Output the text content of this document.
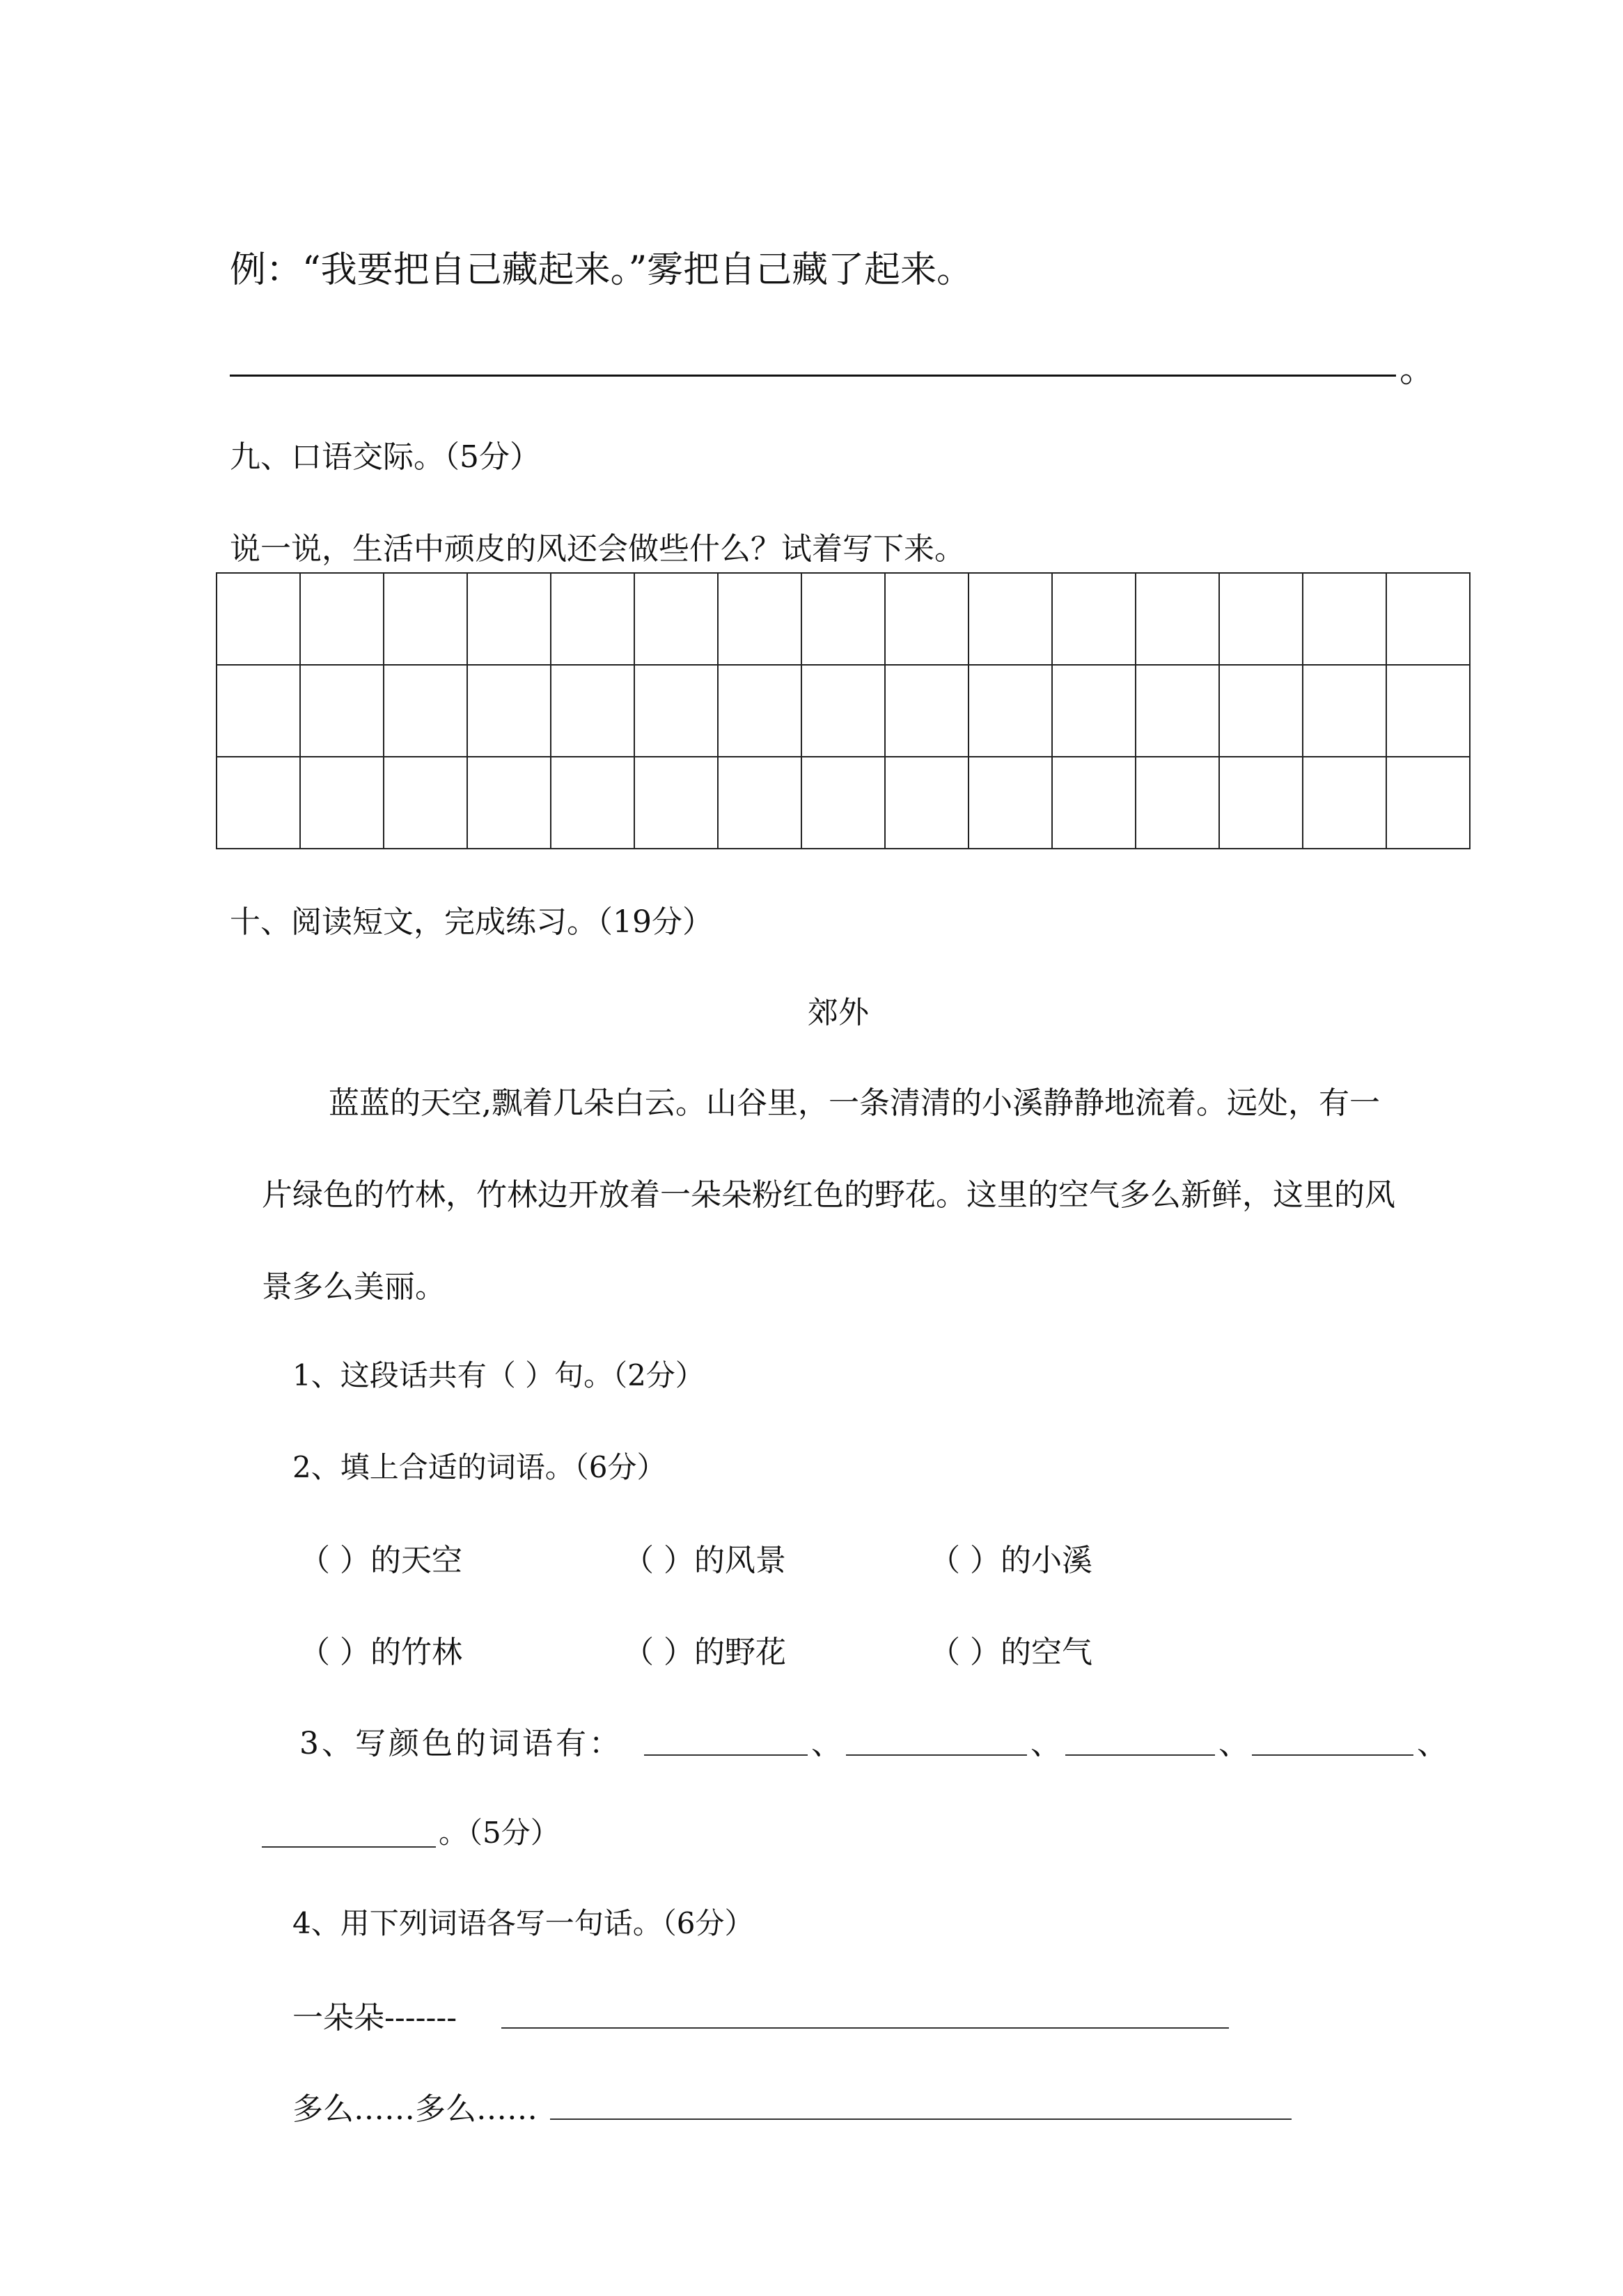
例：“我要把自己藏起来。”雾把自己藏了起来。
。
九、口语交际。（5分）
说一说，生活中顽皮的风还会做些什么？试着写下来。

十、阅读短文，完成练习。（19分）
郊外
蓝蓝的天空,飘着几朵白云。山谷里，一条清清的小溪静静地流着。远处，有一
片绿色的竹林，竹林边开放着一朵朵粉红色的野花。这里的空气多么新鲜，这里的风
景多么美丽。
1、这段话共有（ ）句。（2分）
2、填上合适的词语。（6分）
（ ）的天空	（ ）的风景	（ ）的小溪
（ ）的竹林	（ ）的野花	（ ）的空气
3、写颜色的词语有：	、	、	、	、
。（5分）
4、用下列词语各写一句话。（6分）
一朵朵-------
多么……多么……
